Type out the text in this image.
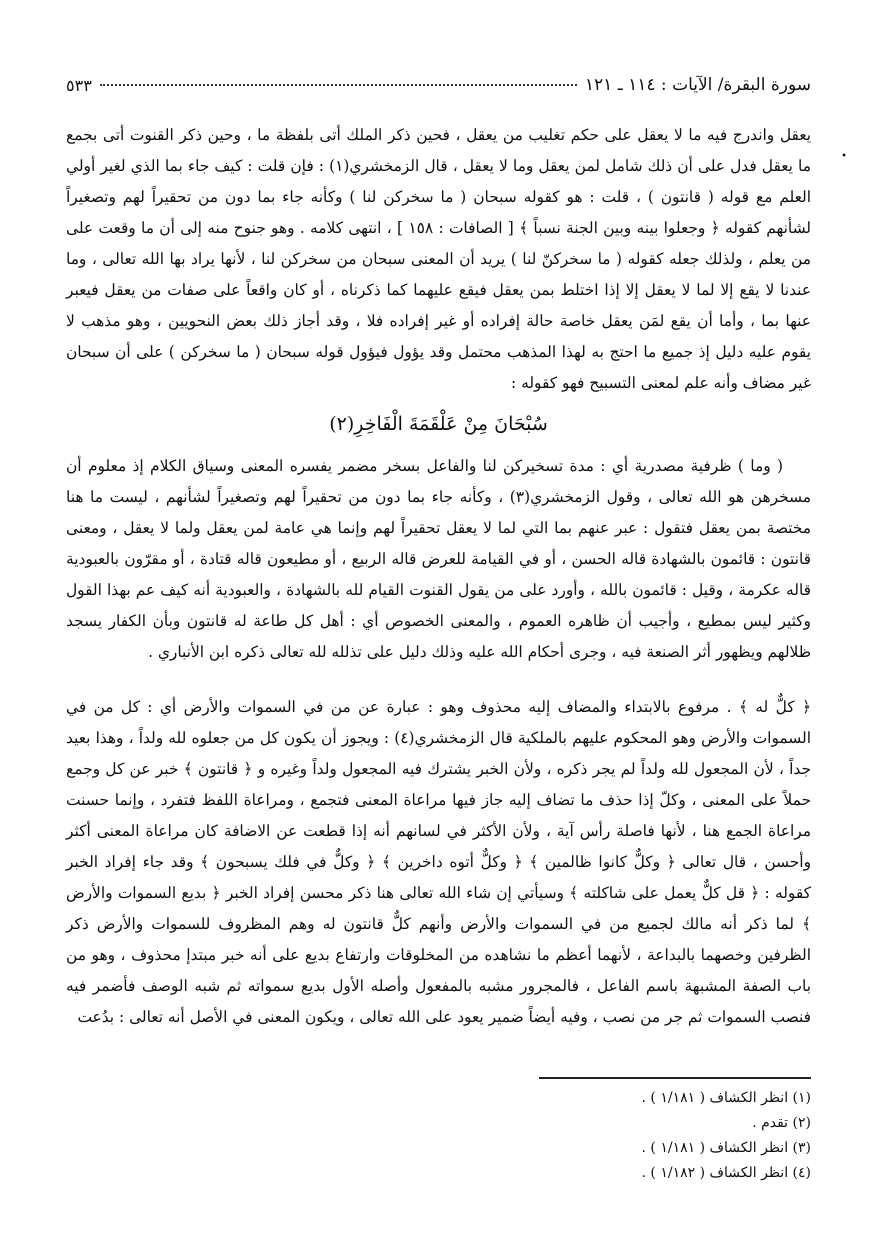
سورة البقرة/ الآيات : ١١٤ ـ ١٢١
٥٣٣
•

يعقل واندرج فيه ما لا يعقل على حكم تغليب من يعقل ، فحين ذكر الملك أتى بلفظة ما ، وحين ذكر القنوت أتى بجمع ما يعقل فدل على أن ذلك شامل لمن يعقل وما لا يعقل ، قال الزمخشري(١) : فإن قلت : كيف جاء بما الذي لغير أولي العلم مع قوله ( قانتون ) ، قلت : هو كقوله سبحان ( ما سخركن لنا ) وكأنه جاء بما دون من تحقيراً لهم وتصغيراً لشأنهم كقوله ﴿ وجعلوا بينه وبين الجنة نسباً ﴾ [ الصافات : ١٥٨ ] ، انتهى كلامه . وهو جنوح منه إلى أن ما وقعت على من يعلم ، ولذلك جعله كقوله ( ما سخركنّ لنا ) يريد أن المعنى سبحان من سخركن لنا ، لأنها يراد بها الله تعالى ، وما عندنا لا يقع إلا لما لا يعقل إلا إذا اختلط بمن يعقل فيقع عليهما كما ذكرناه ، أو كان واقعاً على صفات من يعقل فيعبر عنها بما ، وأما أن يقع لمَن يعقل خاصة حالة إفراده أو غير إفراده فلا ، وقد أجاز ذلك بعض النحويين ، وهو مذهب لا يقوم عليه دليل إذ جميع ما احتج به لهذا المذهب محتمل وقد يؤول فيؤول قوله سبحان ( ما سخركن ) على أن سبحان غير مضاف وأنه علم لمعنى التسبيح فهو كقوله :

سُبْحَانَ مِنْ عَلْقَمَةَ الْفَاخِرِ(٢)

( وما ) ظرفية مصدرية أي : مدة تسخيركن لنا والفاعل بسخر مضمر يفسره المعنى وسياق الكلام إذ معلوم أن مسخرهن هو الله تعالى ، وقول الزمخشري(٣) ، وكأنه جاء بما دون من تحقيراً لهم وتصغيراً لشأنهم ، ليست ما هنا مختصة بمن يعقل فتقول : عبر عنهم بما التي لما لا يعقل تحقيراً لهم وإنما هي عامة لمن يعقل ولما لا يعقل ، ومعنى قانتون : قائمون بالشهادة قاله الحسن ، أو في القيامة للعرض قاله الربيع ، أو مطيعون قاله قتادة ، أو مقرّون بالعبودية قاله عكرمة ، وقيل : قائمون بالله ، وأورد على من يقول القنوت القيام لله بالشهادة ، والعبودية أنه كيف عم بهذا القول وكثير ليس بمطيع ، وأجيب أن ظاهره العموم ، والمعنى الخصوص أي : أهل كل طاعة له قانتون وبأن الكفار يسجد ظلالهم ويظهور أثر الصنعة فيه ، وجرى أحكام الله عليه وذلك دليل على تذلله لله تعالى ذكره ابن الأنباري .

﴿ كلٌّ له ﴾ . مرفوع بالابتداء والمضاف إليه محذوف وهو : عبارة عن من في السموات والأرض أي : كل من في السموات والأرض وهو المحكوم عليهم بالملكية قال الزمخشري(٤) : ويجوز أن يكون كل من جعلوه لله ولداً ، وهذا بعيد جداً ، لأن المجعول لله ولداً لم يجر ذكره ، ولأن الخبر يشترك فيه المجعول ولداً وغيره و ﴿ قانتون ﴾ خبر عن كل وجمع حملاً على المعنى ، وكلّ إذا حذف ما تضاف إليه جاز فيها مراعاة المعنى فتجمع ، ومراعاة اللفظ فتفرد ، وإنما حسنت مراعاة الجمع هنا ، لأنها فاصلة رأس آية ، ولأن الأكثر في لسانهم أنه إذا قطعت عن الاضافة كان مراعاة المعنى أكثر وأحسن ، قال تعالى ﴿ وكلٌّ كانوا ظالمين ﴾ ﴿ وكلٌّ أتوه داخرين ﴾ ﴿ وكلٌّ في فلك يسبحون ﴾ وقد جاء إفراد الخبر كقوله : ﴿ قل كلٌّ يعمل على شاكلته ﴾ وسيأتي إن شاء الله تعالى هنا ذكر محسن إفراد الخبر ﴿ بديع السموات والأرض ﴾ لما ذكر أنه مالك لجميع من في السموات والأرض وأنهم كلٌّ قانتون له وهم المظروف للسموات والأرض ذكر الظرفين وخصهما بالبداعة ، لأنهما أعظم ما نشاهده من المخلوقات وارتفاع بديع على أنه خبر مبتدإ محذوف ، وهو من باب الصفة المشبهة باسم الفاعل ، فالمجرور مشبه بالمفعول وأصله الأول بديع سمواته ثم شبه الوصف فأضمر فيه فنصب السموات ثم جر من نصب ، وفيه أيضاً ضمير يعود على الله تعالى ، ويكون المعنى في الأصل أنه تعالى : بدُعت

(١) انظر الكشاف ( ١/١٨١ ) .

(٢) تقدم .

(٣) انظر الكشاف ( ١/١٨١ ) .

(٤) انظر الكشاف ( ١/١٨٢ ) .
